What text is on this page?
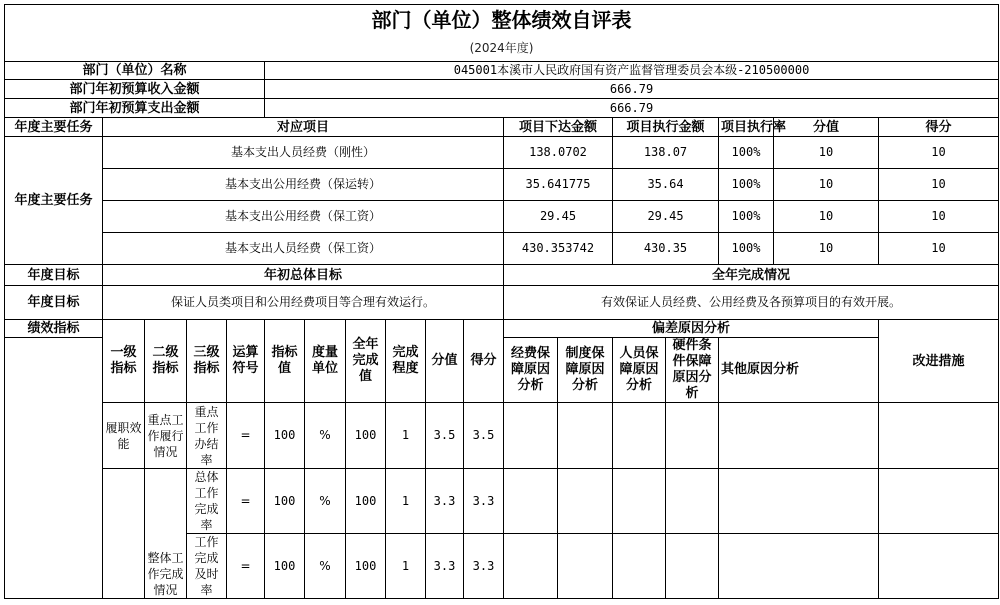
部门（单位）整体绩效自评表																	
(2024年度)																	
部门（单位）名称					045001本溪市人民政府国有资产监督管理委员会本级-210500000												
部门年初预算收入金额					666.79												
部门年初预算支出金额					666.79												
年度主要任务	对应项目										项目下达金额		项目执行金额		项目执行率	分值	得分
年度主要任务	基本支出人员经费（刚性）										138.0702		138.07		100%	10	10
	基本支出公用经费（保运转）										35.641775		35.64		100%	10	10
	基本支出公用经费（保工资）										29.45		29.45		100%	10	10
	基本支出人员经费（保工资）										430.353742		430.35		100%	10	10
年度目标	年初总体目标										全年完成情况						
年度目标	保证人员类项目和公用经费项目等合理有效运行。										有效保证人员经费、公用经费及各预算项目的有效开展。						
绩效指标	一级指标	二级指标	三级指标	运算符号	指标值	度量单位	全年完成值	完成程度	分值	得分	偏差原因分析						改进措施
											经费保障原因分析	制度保障原因分析	人员保障原因分析	硬件条件保障原因分析	其他原因分析		
	履职效能	重点工作履行情况	重点工作办结率	=	100	%	100	1	3.5	3.5							
		整体工作完成情况	总体工作完成率	=	100	%	100	1	3.3	3.3							
			工作完成及时率	=	100	%	100	1	3.3	3.3							
